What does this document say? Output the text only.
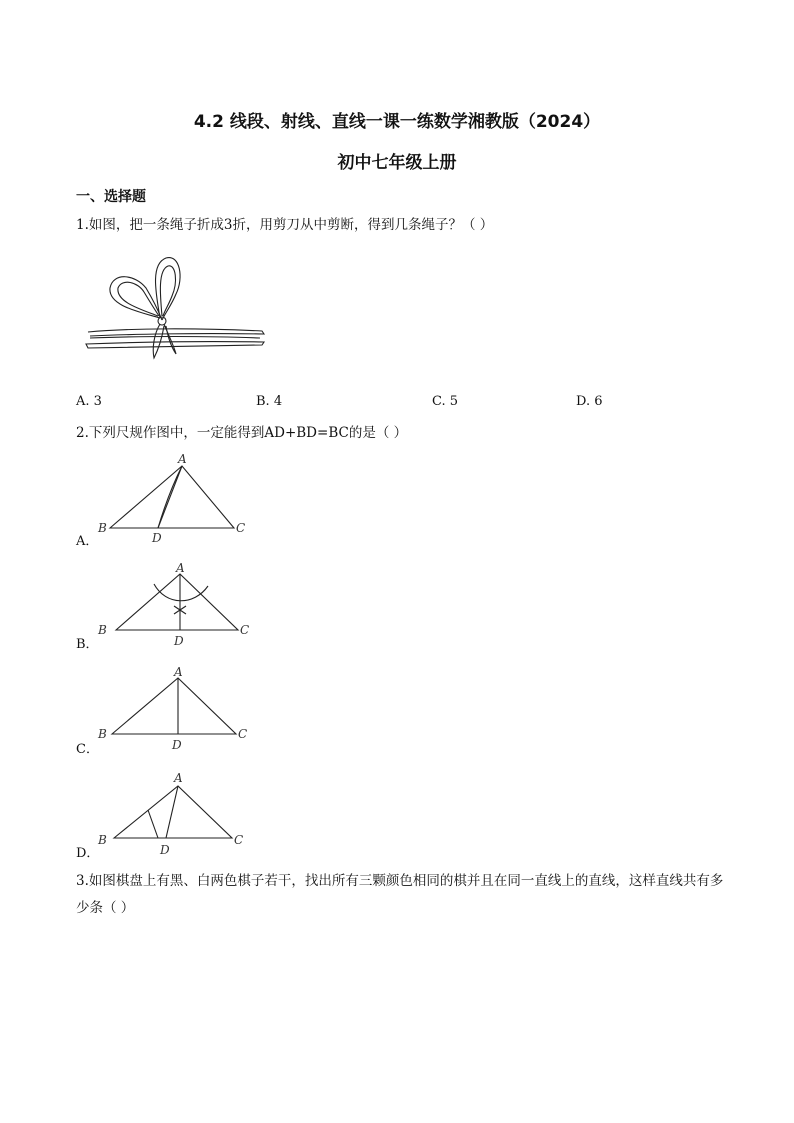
4.2 线段、射线、直线一课一练数学湘教版（2024）
初中七年级上册
一、选择题
1.如图，把一条绳子折成3折，用剪刀从中剪断，得到几条绳子？（ ）
A. 3	B. 4	C. 5	D. 6
2.下列尺规作图中，一定能得到AD+BD=BC的是（ ）
A．
A
B	C
D
B．
A
B	C
D
C．
A
B	C
D
D．
A
B	C
D
3.如图棋盘上有黑、白两色棋子若干，找出所有三颗颜色相同的棋并且在同一直线上的直线，这样直线共有多少条（ ）
